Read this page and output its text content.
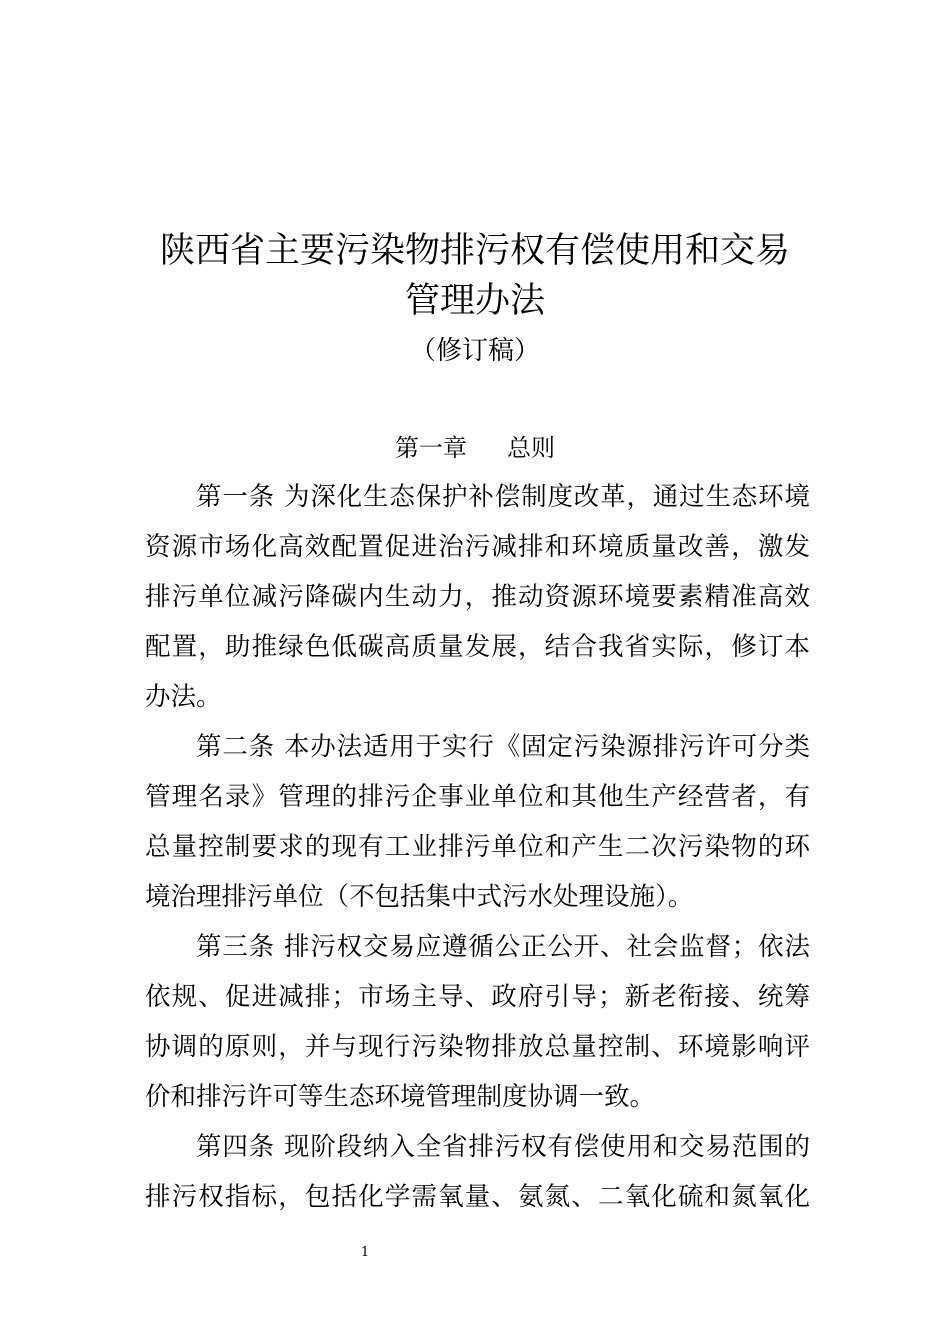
陕西省主要污染物排污权有偿使用和交易
管理办法
（修订稿）
第一章 总则
第一条 为深化生态保护补偿制度改革，通过生态环境
资源市场化高效配置促进治污减排和环境质量改善，激发
排污单位减污降碳内生动力，推动资源环境要素精准高效
配置，助推绿色低碳高质量发展，结合我省实际，修订本
办法。
第二条 本办法适用于实行《固定污染源排污许可分类
管理名录》管理的排污企事业单位和其他生产经营者，有
总量控制要求的现有工业排污单位和产生二次污染物的环
境治理排污单位（不包括集中式污水处理设施）。
第三条 排污权交易应遵循公正公开、社会监督；依法
依规、促进减排；市场主导、政府引导；新老衔接、统筹
协调的原则，并与现行污染物排放总量控制、环境影响评
价和排污许可等生态环境管理制度协调一致。
第四条 现阶段纳入全省排污权有偿使用和交易范围的
排污权指标，包括化学需氧量、氨氮、二氧化硫和氮氧化
1
